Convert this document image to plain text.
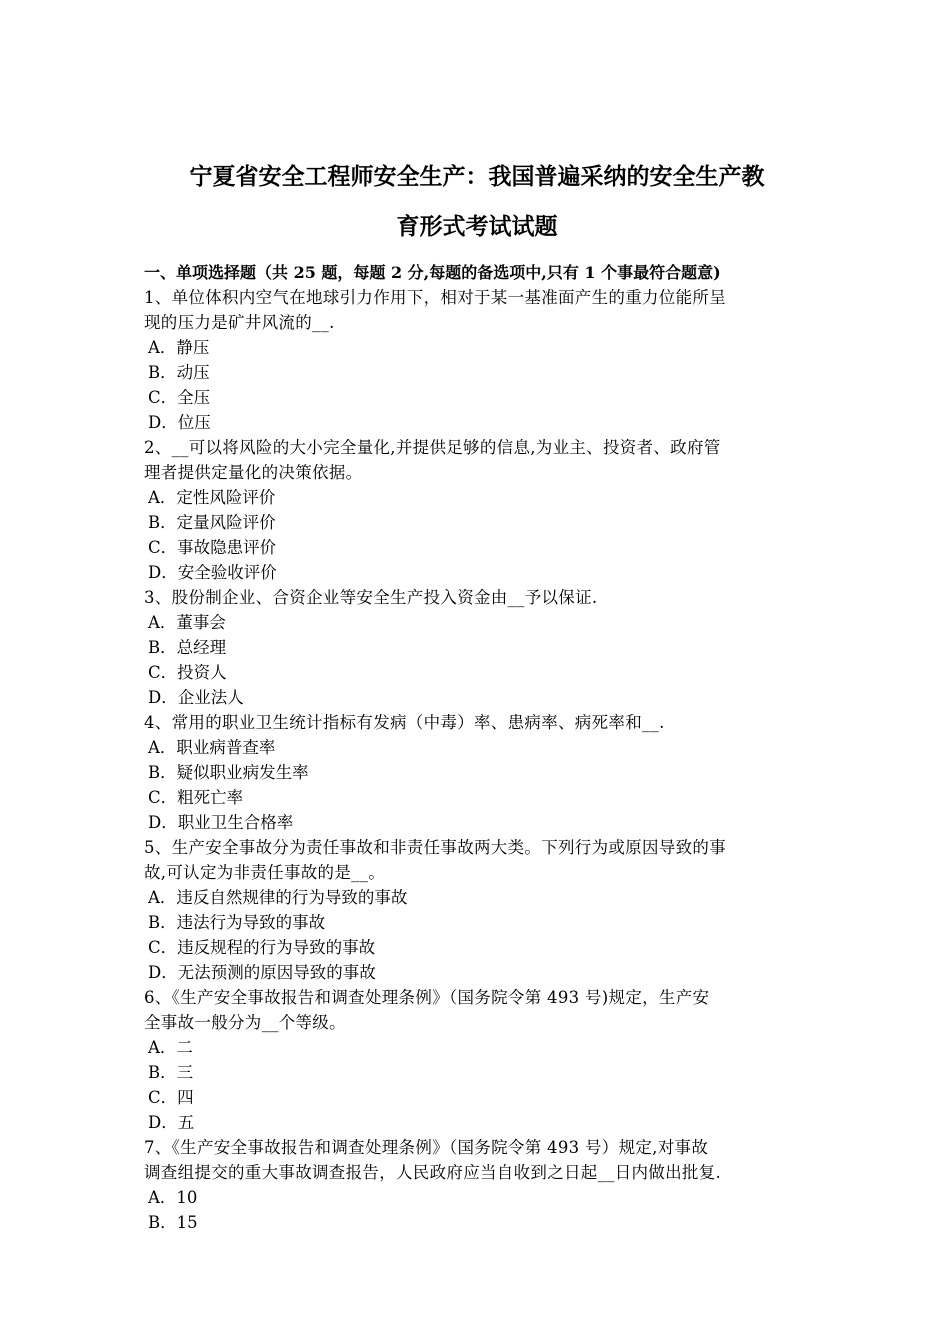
宁夏省安全工程师安全生产：我国普遍采纳的安全生产教
育形式考试试题
一、单项选择题（共 25 题，每题 2 分,每题的备选项中,只有 1 个事最符合题意)
1、单位体积内空气在地球引力作用下，相对于某一基准面产生的重力位能所呈
现的压力是矿井风流的__.
A．静压
B．动压
C．全压
D．位压
2、__可以将风险的大小完全量化,并提供足够的信息,为业主、投资者、政府管
理者提供定量化的决策依据。
A．定性风险评价
B．定量风险评价
C．事故隐患评价
D．安全验收评价
3、股份制企业、合资企业等安全生产投入资金由__予以保证.
A．董事会
B．总经理
C．投资人
D．企业法人
4、常用的职业卫生统计指标有发病（中毒）率、患病率、病死率和__.
A．职业病普查率
B．疑似职业病发生率
C．粗死亡率
D．职业卫生合格率
5、生产安全事故分为责任事故和非责任事故两大类。下列行为或原因导致的事
故,可认定为非责任事故的是__。
A．违反自然规律的行为导致的事故
B．违法行为导致的事故
C．违反规程的行为导致的事故
D．无法预测的原因导致的事故
6、《生产安全事故报告和调查处理条例》（国务院令第 493 号)规定，生产安
全事故一般分为__个等级。
A．二
B．三
C．四
D．五
7、《生产安全事故报告和调查处理条例》（国务院令第 493 号）规定,对事故
调查组提交的重大事故调查报告，人民政府应当自收到之日起__日内做出批复.
A．10
B．15
